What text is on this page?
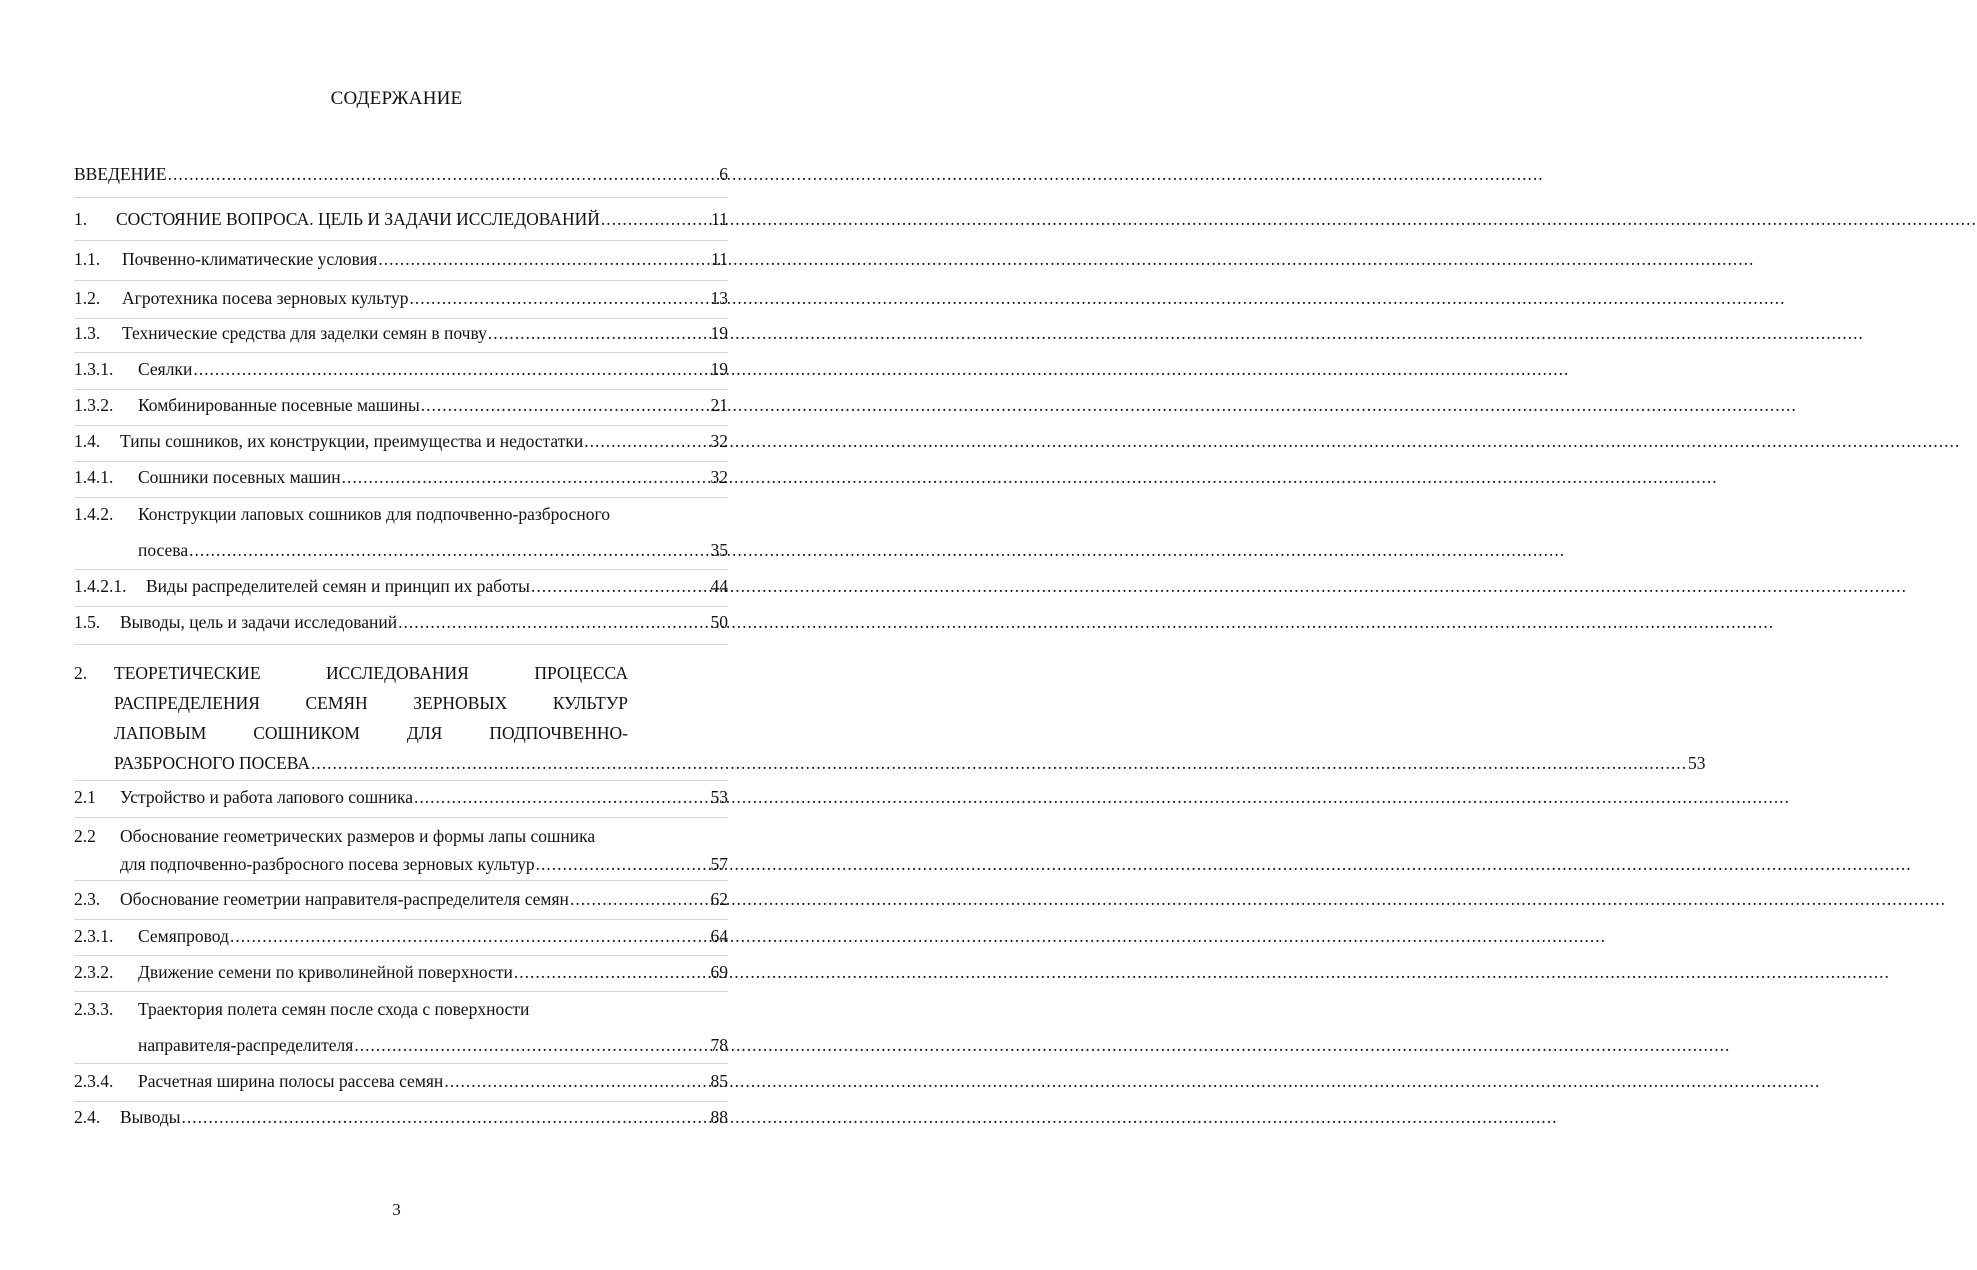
СОДЕРЖАНИЕ
ВВЕДЕНИЕ .....	6
1.	СОСТОЯНИЕ ВОПРОСА. ЦЕЛЬ И ЗАДАЧИ ИССЛЕДОВАНИЙ .....	11
1.1.	Почвенно-климатические условия .....	11
1.2.	Агротехника посева зерновых культур .....	13
1.3.	Технические средства для заделки семян в почву .....	19
1.3.1.	Сеялки .....	19
1.3.2.	Комбинированные посевные машины .....	21
1.4.	Типы сошников, их конструкции, преимущества и недостатки .....	32
1.4.1.	Сошники посевных машин .....	32
1.4.2.	Конструкции лаповых сошников для подпочвенно-разбросного
посева .....	35
1.4.2.1.	Виды распределителей семян и принцип их работы .....	44
1.5.	Выводы, цель и задачи исследований .....	50
2.	ТЕОРЕТИЧЕСКИЕ	ИССЛЕДОВАНИЯ	ПРОЦЕССА
РАСПРЕДЕЛЕНИЯ	СЕМЯН	ЗЕРНОВЫХ	КУЛЬТУР
ЛАПОВЫМ	СОШНИКОМ	ДЛЯ	ПОДПОЧВЕННО-
РАЗБРОСНОГО ПОСЕВА .....	53
2.1	Устройство и работа лапового сошника .....	53
2.2	Обоснование геометрических размеров и формы лапы сошника
для подпочвенно-разбросного посева зерновых культур .....	57
2.3.	Обоснование геометрии направителя-распределителя семян .....	62
2.3.1.	Семяпровод .....	64
2.3.2.	Движение семени по криволинейной поверхности .....	69
2.3.3.	Траектория полета семян после схода с поверхности
направителя-распределителя .....	78
2.3.4.	Расчетная ширина полосы рассева семян .....	85
2.4.	Выводы .....	88
3
